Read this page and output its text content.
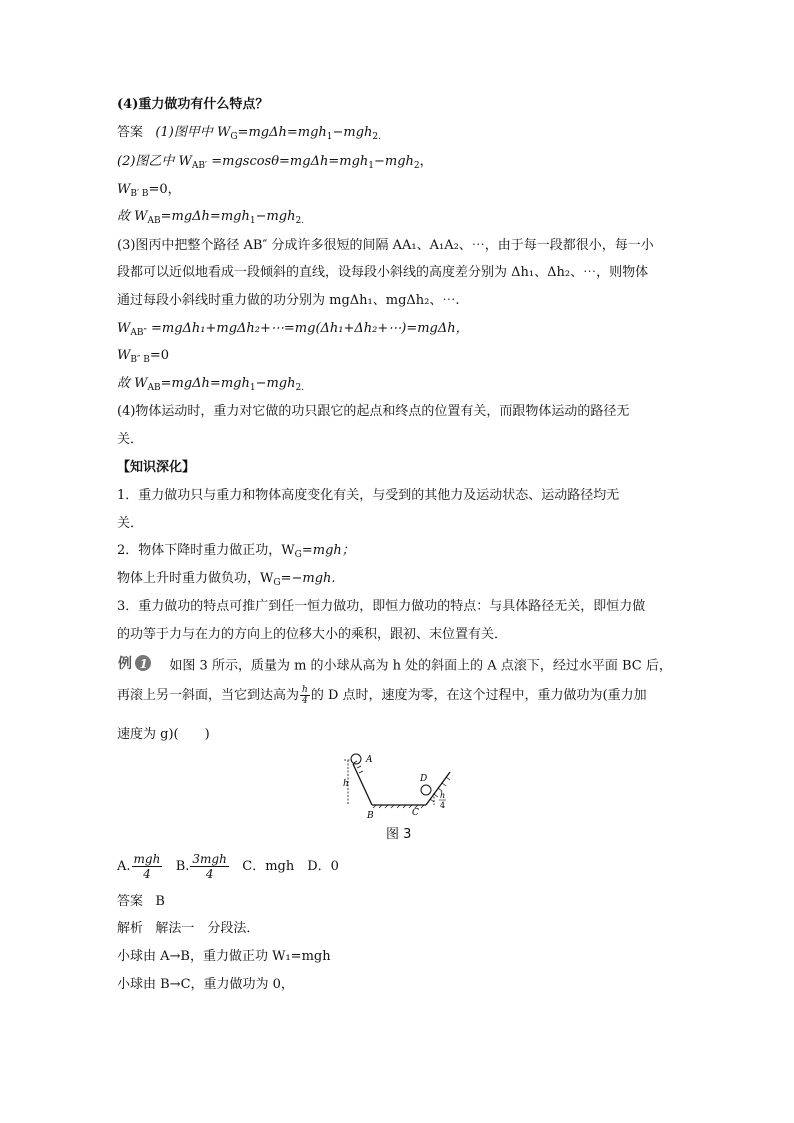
(4)重力做功有什么特点？
答案 (1)图甲中 $W_G=mg\Delta h=mgh_1-mgh_{2.}$
(2)图乙中 $W_{AB'} =mgscos\theta=mg\Delta h=mgh_1-mgh_2$，
$W_{B' B}=0$，
故 $W_{AB}=mg\Delta h=mgh_1-mgh_{2.}$
(3)图丙中把整个路径 AB″ 分成许多很短的间隔 AA₁、A₁A₂、⋯，由于每一段都很小，每一小
段都可以近似地看成一段倾斜的直线，设每段小斜线的高度差分别为 Δh₁、Δh₂、⋯，则物体
通过每段小斜线时重力做的功分别为 mgΔh₁、mgΔh₂、⋯.
$W_{AB''}$ =mgΔh₁+mgΔh₂+⋯=mg(Δh₁+Δh₂+⋯)=mgΔh，
$W_{B'' B}=0$
故 $W_{AB}=mg\Delta h=mgh_1-mgh_{2.}$
(4)物体运动时，重力对它做的功只跟它的起点和终点的位置有关，而跟物体运动的路径无
关．
【知识深化】
1．重力做功只与重力和物体高度变化有关，与受到的其他力及运动状态、运动路径均无
关．
2．物体下降时重力做正功，$W_G=mgh$；
物体上升时重力做负功，$W_G=-mgh$.
3．重力做功的特点可推广到任一恒力做功，即恒力做功的特点：与具体路径无关，即恒力做
的功等于力与在力的方向上的位移大小的乘积，跟初、末位置有关．
例 1 如图 3 所示，质量为 m 的小球从高为 h 处的斜面上的 A 点滚下，经过水平面 BC 后，
再滚上另一斜面，当它到达高为 $\frac{h}{4}$ 的 D 点时，速度为零，在这个过程中，重力做功为(重力加
速度为 g)(　　)
A
h
B	C
D
h
4
图 3
A. $\frac{\text{mgh}}{4} B$. $\frac{\text{3mgh}}{4}$ C．mgh　D．0
答案 B
解析 解法一　分段法．
小球由 A→B，重力做正功 W₁=mgh
小球由 B→C，重力做功为 0，
